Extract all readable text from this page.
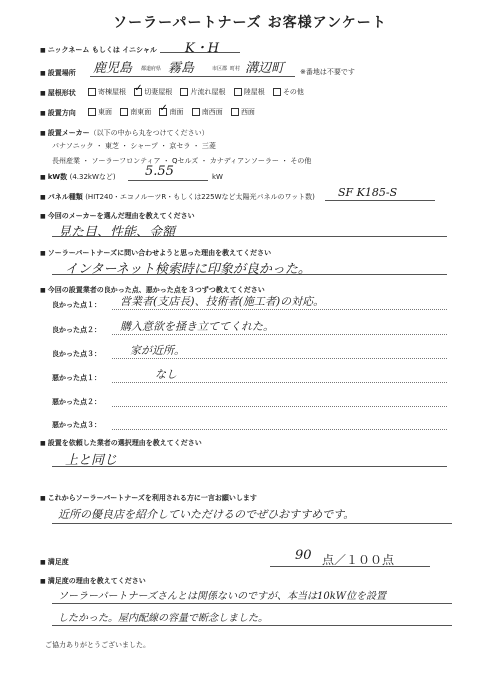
ソーラーパートナーズ お客様アンケート
■ ニックネーム もしくは イニシャル K・H
■ 設置場所 鹿児島 都道府県 霧島	市区郡 溝辺町
町村	※番地は不要です
■ 屋根形状	寄棟屋根
✓	切妻屋根
	片流れ屋根
	陸屋根
	その他
■ 設置方向	東面
	南東面
✓	南面
	南西面
	西面
■ 設置メーカー（以下の中から丸をつけてください）
パナソニック ・ 東芝 ・ シャープ ・ 京セラ ・ 三菱
長州産業 ・ ソーラーフロンティア ・ Qセルズ ・ カナディアンソーラー ・ その他
■ kW数 (4.32kWなど) 5.55	kW
■ パネル種類 (HIT240・エコノルーツR・もしくは225Wなど太陽光パネルのワット数) SF K185-S
■ 今回のメーカーを選んだ理由を教えてください
見た目、性能、金額
■ ソーラーパートナーズに問い合わせようと思った理由を教えてください
インターネット検索時に印象が良かった。
■ 今回の設置業者の良かった点、悪かった点を３つずつ教えてください
良かった点１： 営業者(支店長)、技術者(施工者)の対応。
良かった点２： 購入意欲を掻き立ててくれた。
良かった点３：	家が近所。
悪かった点１：	なし
悪かった点２：
悪かった点３：
■ 設置を依頼した業者の選択理由を教えてください
上と同じ
■ これからソーラーパートナーズを利用される方に一言お願いします
近所の優良店を紹介していただけるのでぜひおすすめです。
■ 満足度	90 点／１００点
■ 満足度の理由を教えてください
ソーラーパートナーズさんとは関係ないのですが、本当は10kW位を設置
したかった。屋内配線の容量で断念しました。
ご協力ありがとうございました。
